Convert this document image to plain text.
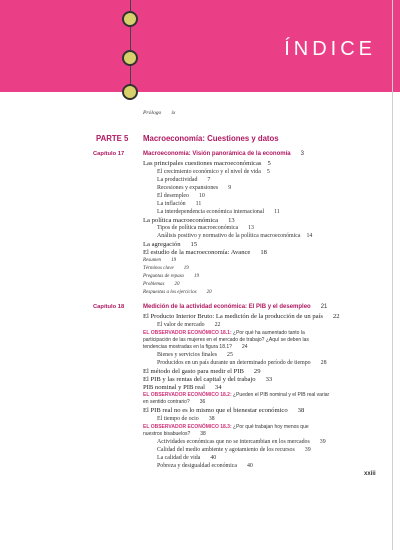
ÍNDICE
Prólogo ix
PARTE 5 Macroeconomía: Cuestiones y datos
Capítulo 17	Macroeconomía: Visión panorámica de la economía 3
Las principales cuestiones macroeconómicas 5
El crecimiento económico y el nivel de vida 5
La productividad 7
Recesiones y expansiones 9
El desempleo 10
La inflación 11
La interdependencia económica internacional 11
La política macroeconómica 13
Tipos de política macroeconómica 13
Análisis positivo y normativo de la política macroeconómica 14
La agregación 15
El estudio de la macroeconomía: Avance 18
Resumen 19
Términos clave 19
Preguntas de repaso 19
Problemas 20
Respuestas a los ejercicios 20
Capítulo 18	Medición de la actividad económica: El PIB y el desempleo 21
El Producto Interior Bruto: La medición de la producción de un país 22
El valor de mercado 22
EL OBSERVADOR ECONÓMICO 18.1: ¿Por qué ha aumentado tanto la
participación de las mujeres en el mercado de trabajo? ¿Aquí se deben las
tendencias mostradas en la figura 18.1? 24
Bienes y servicios finales 25
Producidos en un país durante un determinado período de tiempo 28
El método del gasto para medir el PIB 29
El PIB y las rentas del capital y del trabajo 33
PIB nominal y PIB real 34
EL OBSERVADOR ECONÓMICO 18.2: ¿Pueden el PIB nominal y el PIB real variar
en sentido contrario? 36
El PIB real no es lo mismo que el bienestar económico 38
El tiempo de ocio 38
EL OBSERVADOR ECONÓMICO 18.3: ¿Por qué trabajan hoy menos que
nuestros bisabuelos? 38
Actividades económicas que no se intercambian en los mercados 39
Calidad del medio ambiente y agotamiento de los recursos 39
La calidad de vida 40
Pobreza y desigualdad económica 40
xxiii
